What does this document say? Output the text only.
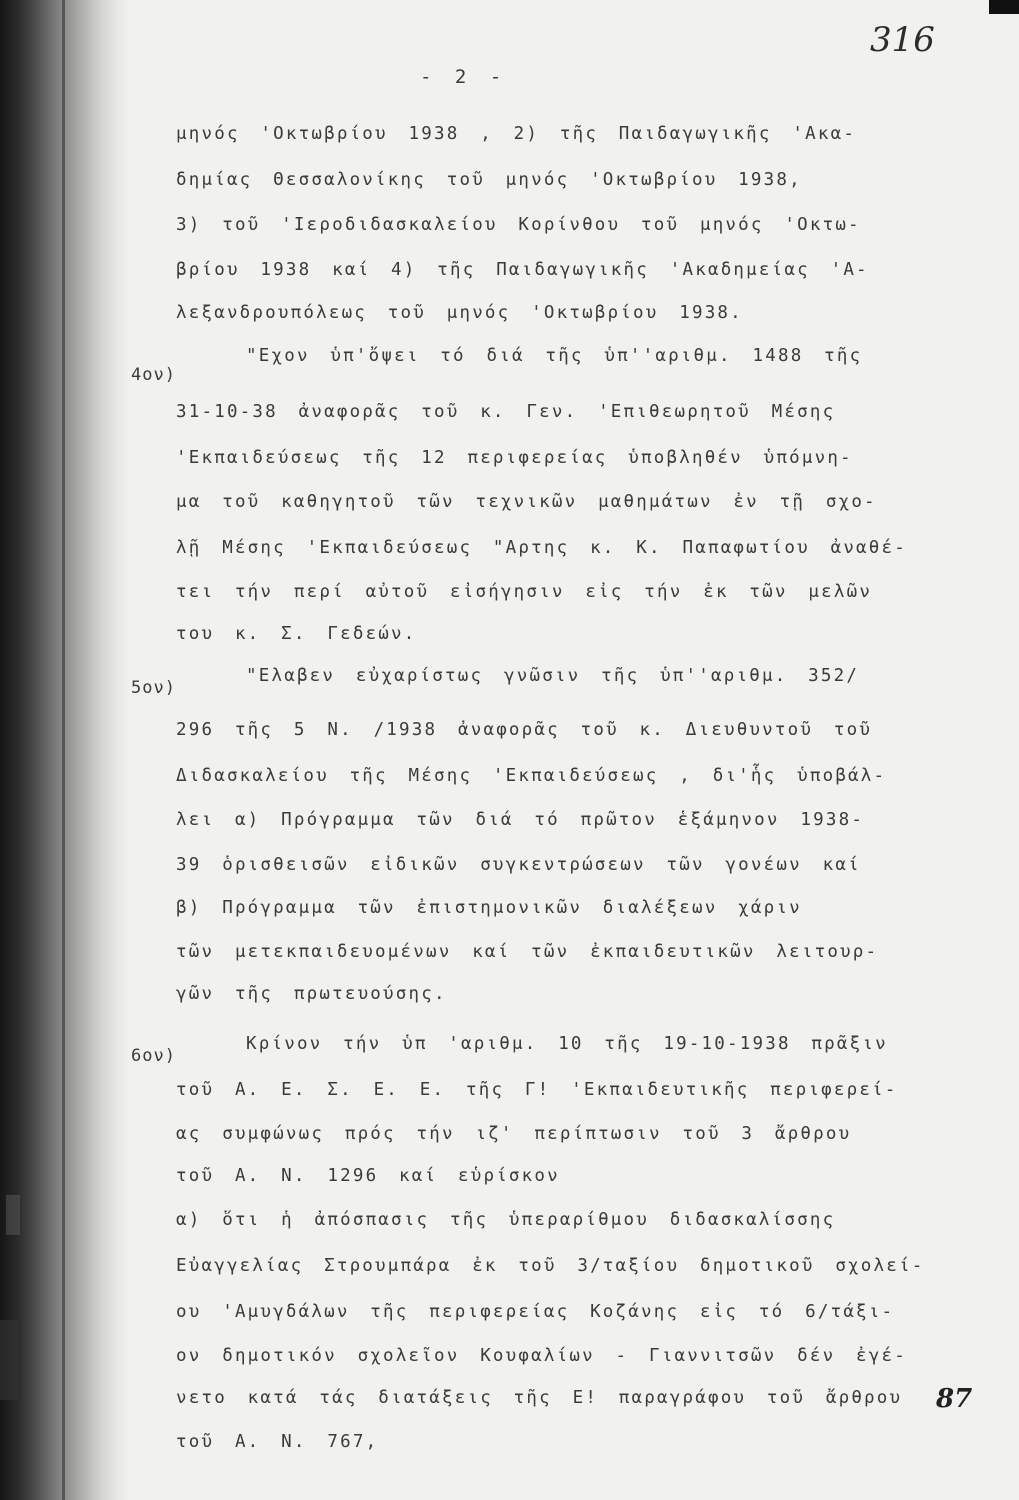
316
- 2 -
4ον)
5ον)
6ον)
μηνός 'Οκτωβρίου 1938 , 2) τῆς Παιδαγωγικῆς 'Ακα-
δημίας Θεσσαλονίκης τοῦ μηνός 'Οκτωβρίου 1938,
3) τοῦ 'Ιεροδιδασκαλείου Κορίνθου τοῦ μηνός 'Οκτω-
βρίου 1938 καί 4) τῆς Παιδαγωγικῆς 'Ακαδημείας 'Α-
λεξανδρουπόλεως τοῦ μηνός 'Οκτωβρίου 1938.
"Εχον ὑπ'ὄψει τό διά τῆς ὑπ''αριθμ. 1488 τῆς
31-10-38 ἀναφορᾶς τοῦ κ. Γεν. 'Επιθεωρητοῦ Μέσης
'Εκπαιδεύσεως τῆς 12 περιφερείας ὑποβληθέν ὑπόμνη-
μα τοῦ καθηγητοῦ τῶν τεχνικῶν μαθημάτων ἐν τῇ σχο-
λῇ Μέσης 'Εκπαιδεύσεως "Αρτης κ. Κ. Παπαφωτίου ἀναθέ-
τει τήν περί αὐτοῦ εἰσήγησιν εἰς τήν ἐκ τῶν μελῶν
του κ. Σ. Γεδεών.
"Ελαβεν εὐχαρίστως γνῶσιν τῆς ὑπ''αριθμ. 352/
296 τῆς 5 Ν. /1938 ἀναφορᾶς τοῦ κ. Διευθυντοῦ τοῦ
Διδασκαλείου τῆς Μέσης 'Εκπαιδεύσεως , δι'ἧς ὑποβάλ-
λει α) Πρόγραμμα τῶν διά τό πρῶτον ἑξάμηνον 1938-
39 ὁρισθεισῶν εἰδικῶν συγκεντρώσεων τῶν γονέων καί
β) Πρόγραμμα τῶν ἐπιστημονικῶν διαλέξεων χάριν
τῶν μετεκπαιδευομένων καί τῶν ἐκπαιδευτικῶν λειτουρ-
γῶν τῆς πρωτευούσης.
Κρίνον τήν ὑπ 'αριθμ. 10 τῆς 19-10-1938 πρᾶξιν
τοῦ Α. Ε. Σ. Ε. Ε. τῆς Γ! 'Εκπαιδευτικῆς περιφερεί-
ας συμφώνως πρός τήν ιζ' περίπτωσιν τοῦ 3 ἄρθρου
τοῦ Α. Ν. 1296 καί εὑρίσκον
α) ὅτι ἡ ἀπόσπασις τῆς ὑπεραρίθμου διδασκαλίσσης
Εὐαγγελίας Στρουμπάρα ἐκ τοῦ 3/ταξίου δημοτικοῦ σχολεί-
ου 'Αμυγδάλων τῆς περιφερείας Κοζάνης εἰς τό 6/τάξι-
ον δημοτικόν σχολεῖον Κουφαλίων - Γιαννιτσῶν δέν ἐγέ-
νετο κατά τάς διατάξεις τῆς Ε! παραγράφου τοῦ ἄρθρου
τοῦ Α. Ν. 767,
87
